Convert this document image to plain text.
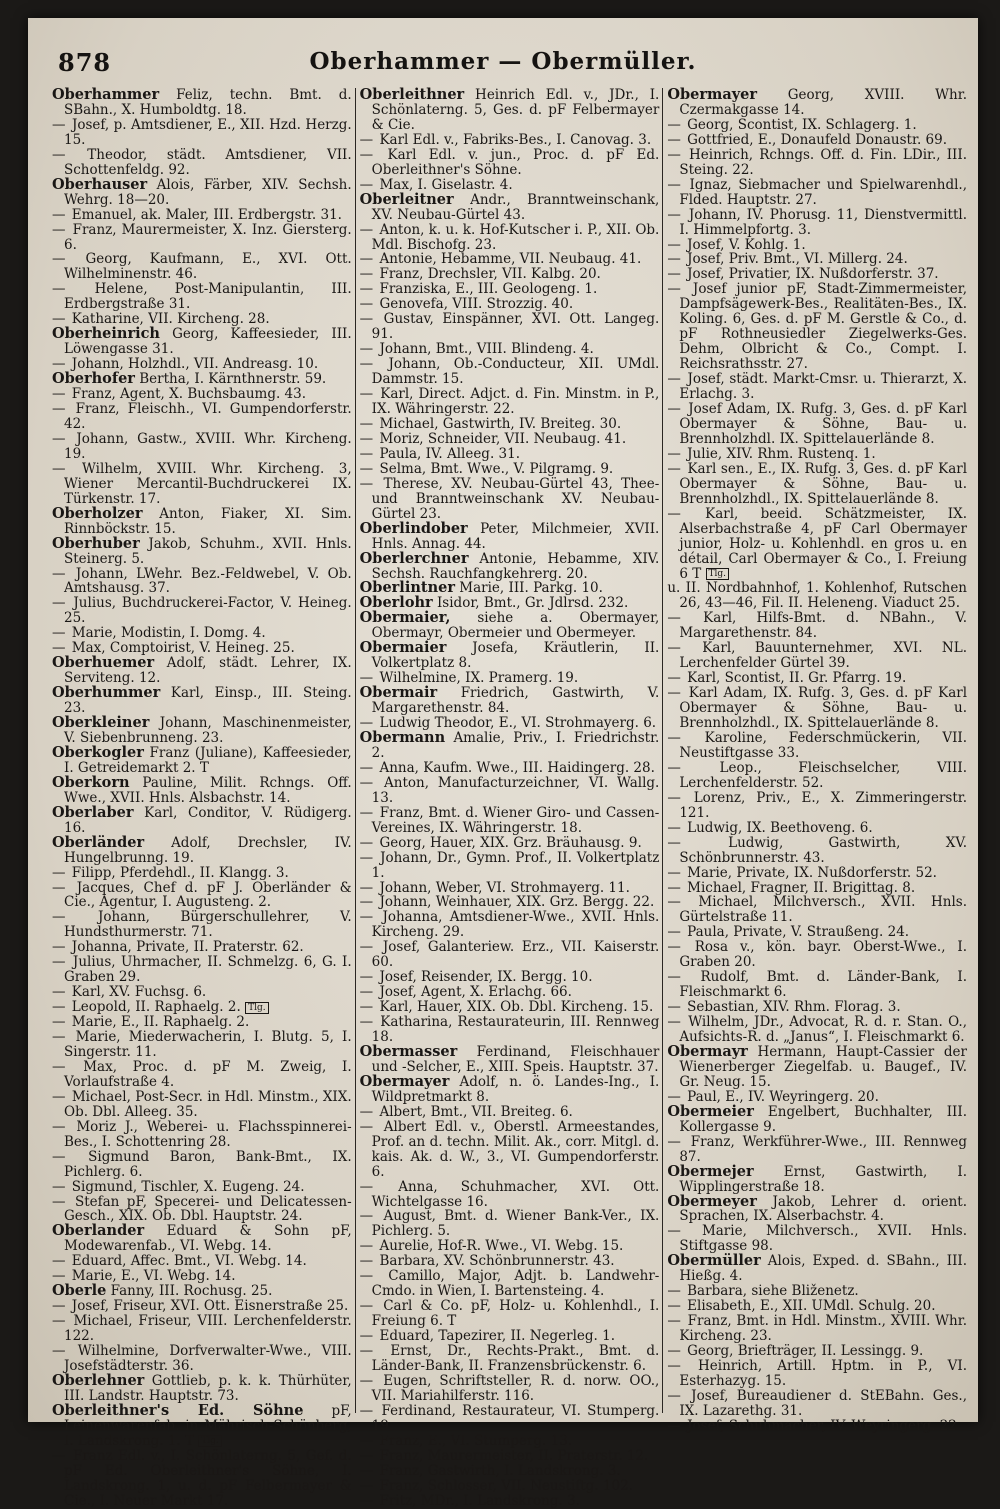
878	Oberhammer — Obermüller.
Oberhammer Feliz, techn. Bmt. d. SBahn., X. Humboldtg. 18.
— Josef, p. Amtsdiener, E., XII. Hzd. Herzg. 15.
— Theodor, städt. Amtsdiener, VII. Schottenfeldg. 92.
Oberhauser Alois, Färber, XIV. Sechsh. Wehrg. 18—20.
— Emanuel, ak. Maler, III. Erdbergstr. 31.
— Franz, Maurermeister, X. Inz. Giersterg. 6.
— Georg, Kaufmann, E., XVI. Ott. Wilhelminenstr. 46.
— Helene, Post-Manipulantin, III. Erdbergstraße 31.
— Katharine, VII. Kircheng. 28.
Oberheinrich Georg, Kaffeesieder, III. Löwengasse 31.
— Johann, Holzhdl., VII. Andreasg. 10.
Oberhofer Bertha, I. Kärnthnerstr. 59.
— Franz, Agent, X. Buchsbaumg. 43.
— Franz, Fleischh., VI. Gumpendorferstr. 42.
— Johann, Gastw., XVIII. Whr. Kircheng. 19.
— Wilhelm, XVIII. Whr. Kircheng. 3, Wiener Mercantil-Buchdruckerei IX. Türkenstr. 17.
Oberholzer Anton, Fiaker, XI. Sim. Rinnböckstr. 15.
Oberhuber Jakob, Schuhm., XVII. Hnls. Steinerg. 5.
— Johann, LWehr. Bez.-Feldwebel, V. Ob. Amtshausg. 37.
— Julius, Buchdruckerei-Factor, V. Heineg. 25.
— Marie, Modistin, I. Domg. 4.
— Max, Comptoirist, V. Heineg. 25.
Oberhuemer Adolf, städt. Lehrer, IX. Serviteng. 12.
Oberhummer Karl, Einsp., III. Steing. 23.
Oberkleiner Johann, Maschinenmeister, V. Siebenbrunneng. 23.
Oberkogler Franz (Juliane), Kaffeesieder, I. Getreidemarkt 2. T
Oberkorn Pauline, Milit. Rchngs. Off. Wwe., XVII. Hnls. Alsbachstr. 14.
Oberlaber Karl, Conditor, V. Rüdigerg. 16.
Oberländer Adolf, Drechsler, IV. Hungelbrunng. 19.
— Filipp, Pferdehdl., II. Klangg. 3.
— Jacques, Chef d. pF J. Oberländer & Cie., Agentur, I. Augusteng. 2.
— Johann, Bürgerschullehrer, V. Hundsthurmerstr. 71.
— Johanna, Private, II. Praterstr. 62.
— Julius, Uhrmacher, II. Schmelzg. 6, G. I. Graben 29.
— Karl, XV. Fuchsg. 6.
— Leopold, II. Raphaelg. 2. Tlg.
— Marie, E., II. Raphaelg. 2.
— Marie, Miederwacherin, I. Blutg. 5, I. Singerstr. 11.
— Max, Proc. d. pF M. Zweig, I. Vorlaufstraße 4.
— Michael, Post-Secr. in Hdl. Minstm., XIX. Ob. Dbl. Alleeg. 35.
— Moriz J., Weberei- u. Flachsspinnerei-Bes., I. Schottenring 28.
— Sigmund Baron, Bank-Bmt., IX. Pichlerg. 6.
— Sigmund, Tischler, X. Eugeng. 24.
— Stefan pF, Specerei- und Delicatessen-Gesch., XIX. Ob. Dbl. Hauptstr. 24.
Oberlander Eduard & Sohn pF, Modewarenfab., VI. Webg. 14.
— Eduard, Affec. Bmt., VI. Webg. 14.
— Marie, E., VI. Webg. 14.
Oberle Fanny, III. Rochusg. 25.
— Josef, Friseur, XVI. Ott. Eisnerstraße 25.
— Michael, Friseur, VIII. Lerchenfelderstr. 122.
— Wilhelmine, Dorfverwalter-Wwe., VIII. Josefstädterstr. 36.
Oberlehner Gottlieb, p. k. k. Thürhüter, III. Landstr. Hauptstr. 73.
Oberleithner's Ed. Söhne pF, Leinenwarenfab. in Mährisch-Schönberg, I. Landskrong. 1. T Tlg.
— Franz Edl. v., I. Schönlaterng. 5, Gef. d. pF Ed. Oberleithner's Söhne, I. Landskrong. 1, u. d. pF Felbermayer & Cie., I. Neuer Markt 17.
Oberleithner Heinrich Edl. v., JDr., I. Schönlaterng. 5, Ges. d. pF Felbermayer & Cie.
— Karl Edl. v., Fabriks-Bes., I. Canovag. 3.
— Karl Edl. v. jun., Proc. d. pF Ed. Oberleithner's Söhne.
— Max, I. Giselastr. 4.
Oberleitner Andr., Branntweinschank, XV. Neubau-Gürtel 43.
— Anton, k. u. k. Hof-Kutscher i. P., XII. Ob. Mdl. Bischofg. 23.
— Antonie, Hebamme, VII. Neubaug. 41.
— Franz, Drechsler, VII. Kalbg. 20.
— Franziska, E., III. Geologeng. 1.
— Genovefa, VIII. Strozzig. 40.
— Gustav, Einspänner, XVI. Ott. Langeg. 91.
— Johann, Bmt., VIII. Blindeng. 4.
— Johann, Ob.-Conducteur, XII. UMdl. Dammstr. 15.
— Karl, Direct. Adjct. d. Fin. Minstm. in P., IX. Währingerstr. 22.
— Michael, Gastwirth, IV. Breiteg. 30.
— Moriz, Schneider, VII. Neubaug. 41.
— Paula, IV. Alleeg. 31.
— Selma, Bmt. Wwe., V. Pilgramg. 9.
— Therese, XV. Neubau-Gürtel 43, Thee- und Branntweinschank XV. Neubau-Gürtel 23.
Oberlindober Peter, Milchmeier, XVII. Hnls. Annag. 44.
Oberlerchner Antonie, Hebamme, XIV. Sechsh. Rauchfangkehrerg. 20.
Oberlintner Marie, III. Parkg. 10.
Oberlohr Isidor, Bmt., Gr. Jdlrsd. 232.
Obermaier, siehe a. Obermayer, Obermayr, Obermeier und Obermeyer.
Obermaier Josefa, Kräutlerin, II. Volkertplatz 8.
— Wilhelmine, IX. Pramerg. 19.
Obermair Friedrich, Gastwirth, V. Margarethenstr. 84.
— Ludwig Theodor, E., VI. Strohmayerg. 6.
Obermann Amalie, Priv., I. Friedrichstr. 2.
— Anna, Kaufm. Wwe., III. Haidingerg. 28.
— Anton, Manufacturzeichner, VI. Wallg. 13.
— Franz, Bmt. d. Wiener Giro- und Cassen-Vereines, IX. Währingerstr. 18.
— Georg, Hauer, XIX. Grz. Bräuhausg. 9.
— Johann, Dr., Gymn. Prof., II. Volkertplatz 1.
— Johann, Weber, VI. Strohmayerg. 11.
— Johann, Weinhauer, XIX. Grz. Bergg. 22.
— Johanna, Amtsdiener-Wwe., XVII. Hnls. Kircheng. 29.
— Josef, Galanteriew. Erz., VII. Kaiserstr. 60.
— Josef, Reisender, IX. Bergg. 10.
— Josef, Agent, X. Erlachg. 66.
— Karl, Hauer, XIX. Ob. Dbl. Kircheng. 15.
— Katharina, Restaurateurin, III. Rennweg 18.
Obermasser Ferdinand, Fleischhauer und -Selcher, E., XIII. Speis. Hauptstr. 37.
Obermayer Adolf, n. ö. Landes-Ing., I. Wildpretmarkt 8.
— Albert, Bmt., VII. Breiteg. 6.
— Albert Edl. v., Oberstl. Armeestandes, Prof. an d. techn. Milit. Ak., corr. Mitgl. d. kais. Ak. d. W., 3., VI. Gumpendorferstr. 6.
— Anna, Schuhmacher, XVI. Ott. Wichtelgasse 16.
— August, Bmt. d. Wiener Bank-Ver., IX. Pichlerg. 5.
— Aurelie, Hof-R. Wwe., VI. Webg. 15.
— Barbara, XV. Schönbrunnerstr. 43.
— Camillo, Major, Adjt. b. Landwehr-Cmdo. in Wien, I. Bartensteing. 4.
— Carl & Co. pF, Holz- u. Kohlenhdl., I. Freiung 6. T
— Eduard, Tapezirer, II. Negerleg. 1.
— Ernst, Dr., Rechts-Prakt., Bmt. d. Länder-Bank, II. Franzensbrückenstr. 6.
— Eugen, Schriftsteller, R. d. norw. OO., VII. Mariahilferstr. 116.
— Ferdinand, Restaurateur, VI. Stumperg. 19.
— Franz, E., VI. Stumperg. 13.
— Franz, Maurermeister, II. Praterstr. 12.
— Franz, Gastwirth, I. Landskrong. 3.
— Franz, Schlosser, VII. Neustiftg. 102.
— Fritz, MDr., I. Landskrong. 3.
Obermayer Georg, XVIII. Whr. Czermakgasse 14.
— Georg, Scontist, IX. Schlagerg. 1.
— Gottfried, E., Donaufeld Donaustr. 69.
— Heinrich, Rchngs. Off. d. Fin. LDir., III. Steing. 22.
— Ignaz, Siebmacher und Spielwarenhdl., Flded. Hauptstr. 27.
— Johann, IV. Phorusg. 11, Dienstvermittl. I. Himmelpfortg. 3.
— Josef, V. Kohlg. 1.
— Josef, Priv. Bmt., VI. Millerg. 24.
— Josef, Privatier, IX. Nußdorferstr. 37.
— Josef junior pF, Stadt-Zimmermeister, Dampfsägewerk-Bes., Realitäten-Bes., IX. Koling. 6, Ges. d. pF M. Gerstle & Co., d. pF Rothneusiedler Ziegelwerks-Ges. Dehm, Olbricht & Co., Compt. I. Reichsrathsstr. 27.
— Josef, städt. Markt-Cmsr. u. Thierarzt, X. Erlachg. 3.
— Josef Adam, IX. Rufg. 3, Ges. d. pF Karl Obermayer & Söhne, Bau- u. Brennholzhdl. IX. Spittelauerlände 8.
— Julie, XIV. Rhm. Rustenq. 1.
— Karl sen., E., IX. Rufg. 3, Ges. d. pF Karl Obermayer & Söhne, Bau- u. Brennholzhdl., IX. Spittelauerlände 8.
— Karl, beeid. Schätzmeister, IX. Alserbachstraße 4, pF Carl Obermayer junior, Holz- u. Kohlenhdl. en gros u. en détail, Carl Obermayer & Co., I. Freiung 6 T Tlg.
u. II. Nordbahnhof, 1. Kohlenhof, Rutschen 26, 43—46, Fil. II. Heleneng. Viaduct 25.
— Karl, Hilfs-Bmt. d. NBahn., V. Margarethenstr. 84.
— Karl, Bauunternehmer, XVI. NL. Lerchenfelder Gürtel 39.
— Karl, Scontist, II. Gr. Pfarrg. 19.
— Karl Adam, IX. Rufg. 3, Ges. d. pF Karl Obermayer & Söhne, Bau- u. Brennholzhdl., IX. Spittelauerlände 8.
— Karoline, Federschmückerin, VII. Neustiftgasse 33.
— Leop., Fleischselcher, VIII. Lerchenfelderstr. 52.
— Lorenz, Priv., E., X. Zimmeringerstr. 121.
— Ludwig, IX. Beethoveng. 6.
— Ludwig, Gastwirth, XV. Schönbrunnerstr. 43.
— Marie, Private, IX. Nußdorferstr. 52.
— Michael, Fragner, II. Brigittag. 8.
— Michael, Milchversch., XVII. Hnls. Gürtelstraße 11.
— Paula, Private, V. Straußeng. 24.
— Rosa v., kön. bayr. Oberst-Wwe., I. Graben 20.
— Rudolf, Bmt. d. Länder-Bank, I. Fleischmarkt 6.
— Sebastian, XIV. Rhm. Florag. 3.
— Wilhelm, JDr., Advocat, R. d. r. Stan. O., Aufsichts-R. d. „Janus“, I. Fleischmarkt 6.
Obermayr Hermann, Haupt-Cassier der Wienerberger Ziegelfab. u. Baugef., IV. Gr. Neug. 15.
— Paul, E., IV. Weyringerg. 20.
Obermeier Engelbert, Buchhalter, III. Kollergasse 9.
— Franz, Werkführer-Wwe., III. Rennweg 87.
Obermejer Ernst, Gastwirth, I. Wipplingerstraße 18.
Obermeyer Jakob, Lehrer d. orient. Sprachen, IX. Alserbachstr. 4.
— Marie, Milchversch., XVII. Hnls. Stiftgasse 98.
Obermüller Alois, Exped. d. SBahn., III. Hießg. 4.
— Barbara, siehe Bliženetz.
— Elisabeth, E., XII. UMdl. Schulg. 20.
— Franz, Bmt. in Hdl. Minstm., XVIII. Whr. Kircheng. 23.
— Georg, Briefträger, II. Lessingg. 9.
— Heinrich, Artill. Hptm. in P., VI. Esterhazyg. 15.
— Josef, Bureaudiener d. StEBahn. Ges., IX. Lazarethg. 31.
— Josef, Schuhmacher, IV. Weyringerg. 22.
